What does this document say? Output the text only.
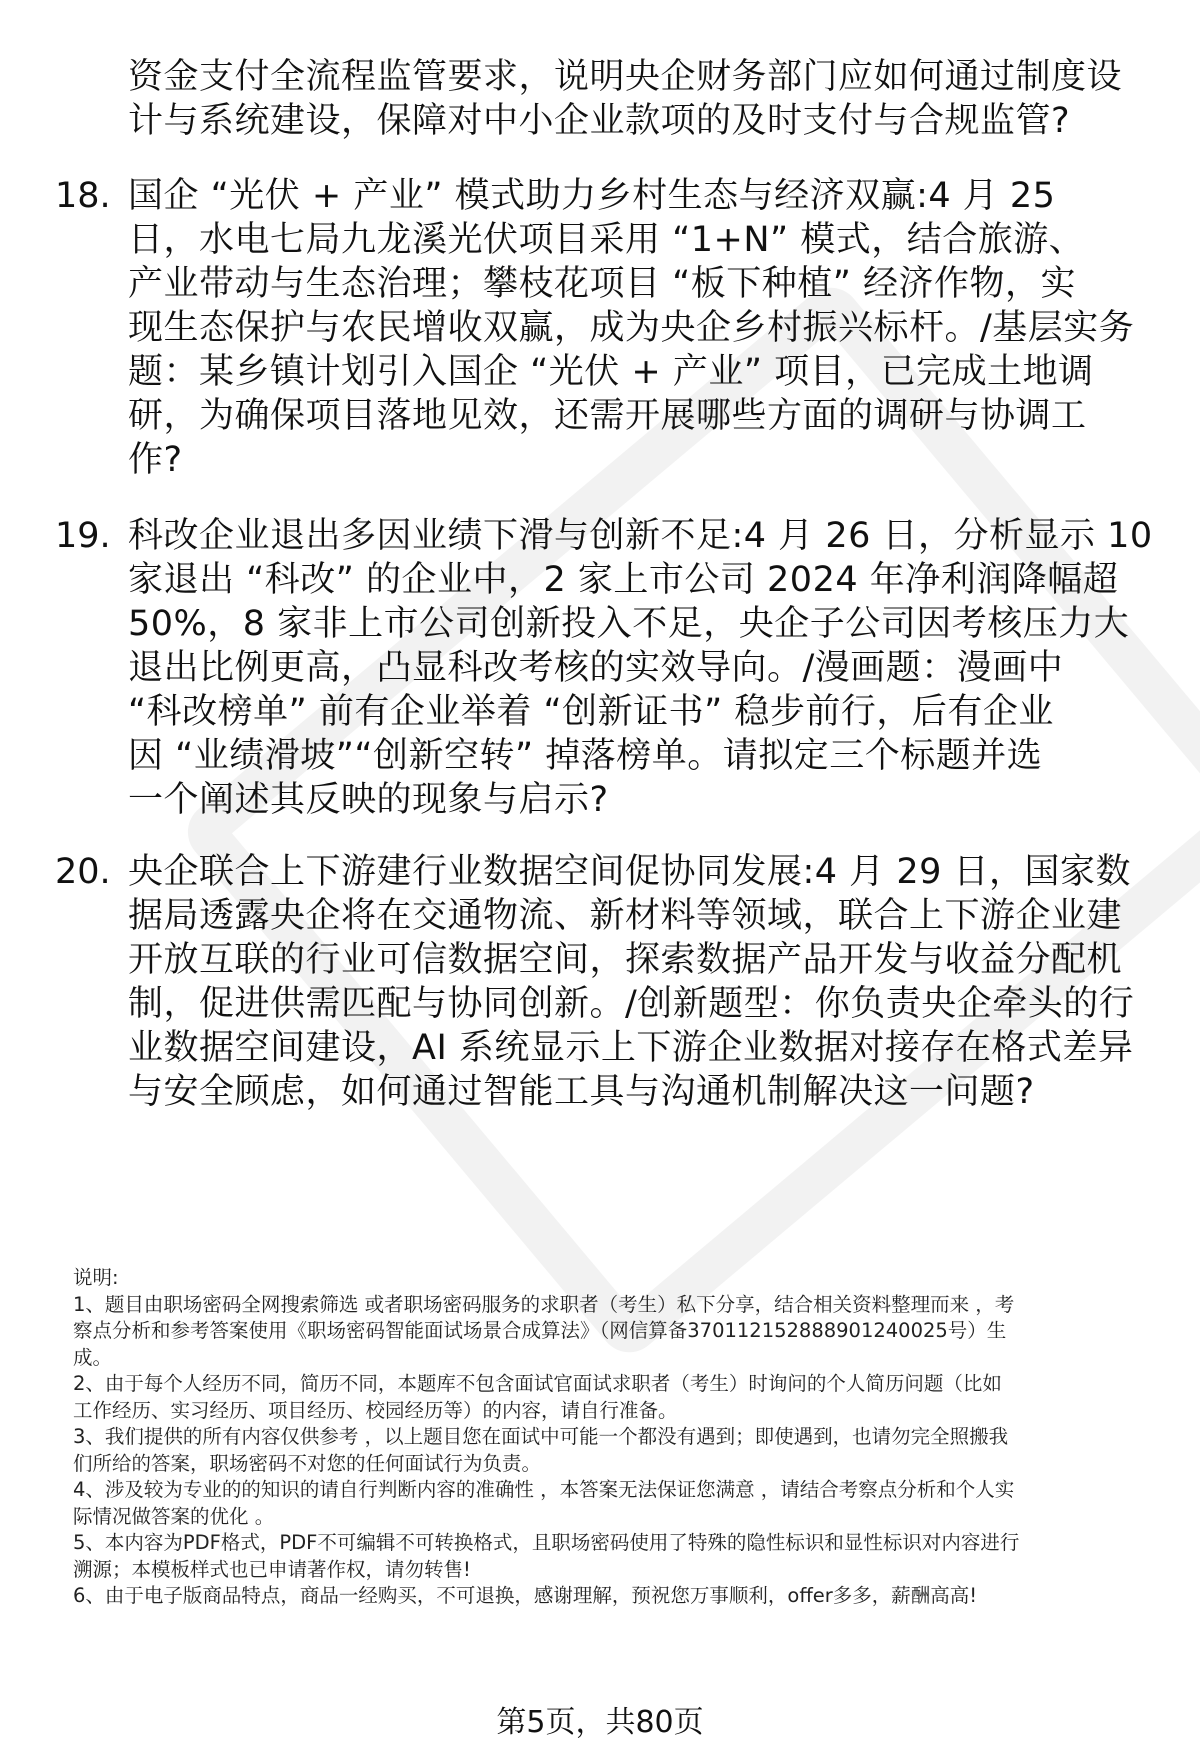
资金支付全流程监管要求，说明央企财务部门应如何通过制度设
计与系统建设，保障对中小企业款项的及时支付与合规监管?
18. 国企 “光伏 + 产业” 模式助力乡村生态与经济双赢:4 月 25
日，水电七局九龙溪光伏项目采用 “1+N” 模式，结合旅游、
产业带动与生态治理；攀枝花项目 “板下种植” 经济作物，实
现生态保护与农民增收双赢，成为央企乡村振兴标杆。/基层实务
题：某乡镇计划引入国企 “光伏 + 产业” 项目，已完成土地调
研，为确保项目落地见效，还需开展哪些方面的调研与协调工
作?
19. 科改企业退出多因业绩下滑与创新不足:4 月 26 日，分析显示 10
家退出 “科改” 的企业中，2 家上市公司 2024 年净利润降幅超
50%，8 家非上市公司创新投入不足，央企子公司因考核压力大
退出比例更高，凸显科改考核的实效导向。/漫画题：漫画中
“科改榜单” 前有企业举着 “创新证书” 稳步前行，后有企业
因 “业绩滑坡”“创新空转” 掉落榜单。请拟定三个标题并选
一个阐述其反映的现象与启示?
20. 央企联合上下游建行业数据空间促协同发展:4 月 29 日，国家数
据局透露央企将在交通物流、新材料等领域，联合上下游企业建
开放互联的行业可信数据空间，探索数据产品开发与收益分配机
制，促进供需匹配与协同创新。/创新题型：你负责央企牵头的行
业数据空间建设，AI 系统显示上下游企业数据对接存在格式差异
与安全顾虑，如何通过智能工具与沟通机制解决这一问题?
说明:
1、题目由职场密码全网搜索筛选 或者职场密码服务的求职者（考生）私下分享，结合相关资料整理而来 ，考
察点分析和参考答案使用《职场密码智能面试场景合成算法》（网信算备370112152888901240025号）生
成。
2、由于每个人经历不同，简历不同，本题库不包含面试官面试求职者（考生）时询问的个人简历问题（比如
工作经历、实习经历、项目经历、校园经历等）的内容，请自行准备。
3、我们提供的所有内容仅供参考 ，以上题目您在面试中可能一个都没有遇到；即使遇到，也请勿完全照搬我
们所给的答案，职场密码不对您的任何面试行为负责。
4、涉及较为专业的的知识的请自行判断内容的准确性 ，本答案无法保证您满意 ，请结合考察点分析和个人实
际情况做答案的优化 。
5、本内容为PDF格式，PDF不可编辑不可转换格式，且职场密码使用了特殊的隐性标识和显性标识对内容进行
溯源；本模板样式也已申请著作权，请勿转售!
6、由于电子版商品特点，商品一经购买，不可退换，感谢理解，预祝您万事顺利，offer多多，薪酬高高!
第5页，共80页
